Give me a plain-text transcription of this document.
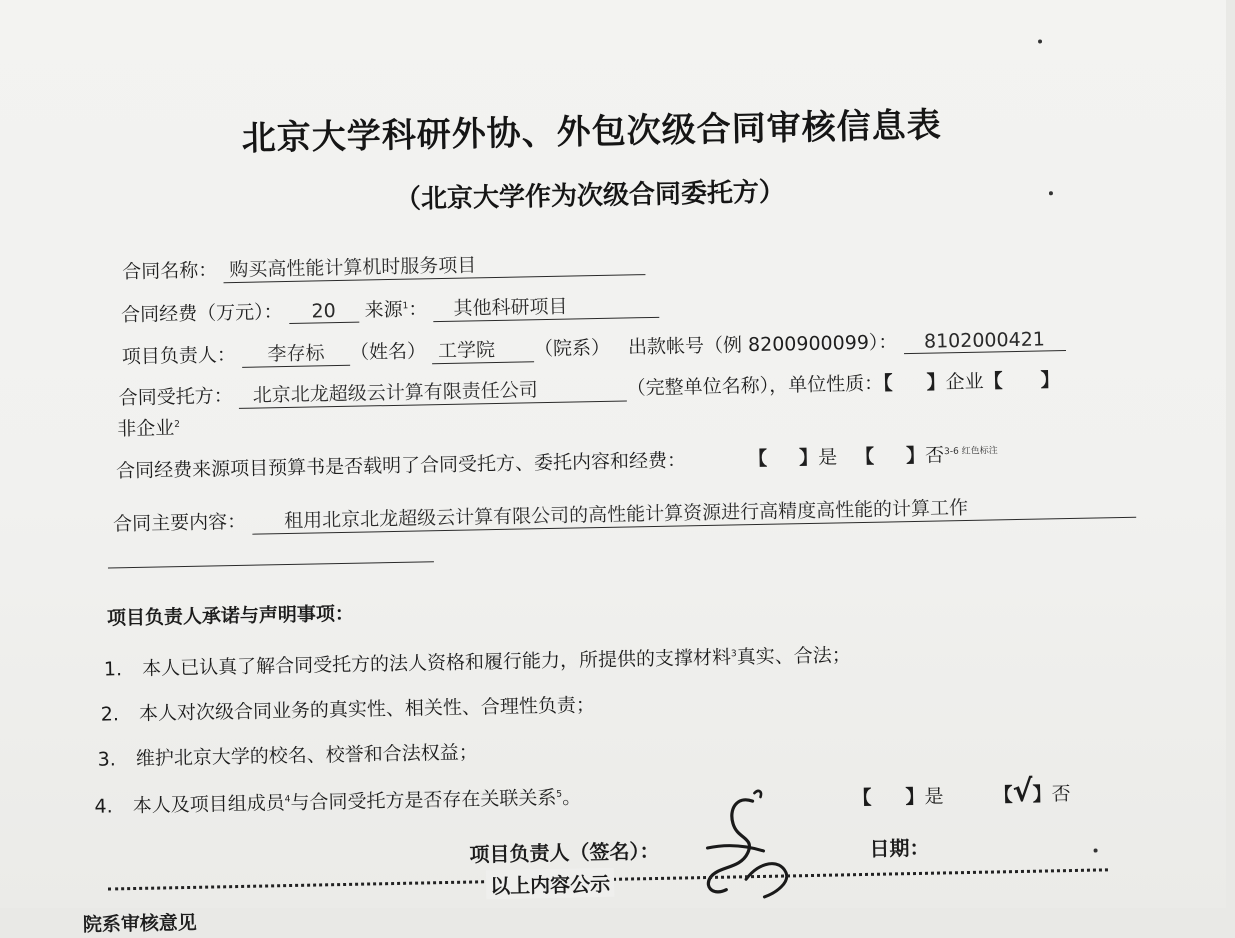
北京大学科研外协、外包次级合同审核信息表
（北京大学作为次级合同委托方）
合同名称： 购买高性能计算机时服务项目
合同经费（万元）： 20 来源$^1$： 其他科研项目
项目负责人： 李存标 （姓名） 工学院 （院系） 出款帐号（例 8200900099）： 8102000421
合同受托方： 北京北龙超级云计算有限责任公司	（完整单位名称），单位性质：【 】企业【 】
非企业$^2$
合同经费来源项目预算书是否载明了合同受托方、委托内容和经费：	【 】是 【 】否$^{3-6 红色标注}$
合同主要内容： 租用北京北龙超级云计算有限公司的高性能计算资源进行高精度高性能的计算工作
项目负责人承诺与声明事项：
1. 本人已认真了解合同受托方的法人资格和履行能力，所提供的支撑材料$^3$真实、合法；
2. 本人对次级合同业务的真实性、相关性、合理性负责；
3. 维护北京大学的校名、校誉和合法权益；
4. 本人及项目组成员$^4$与合同受托方是否存在关联关系$^5$。	【 】是	【√】否
项目负责人（签名）：	日期：
以上内容公示
院系审核意见
